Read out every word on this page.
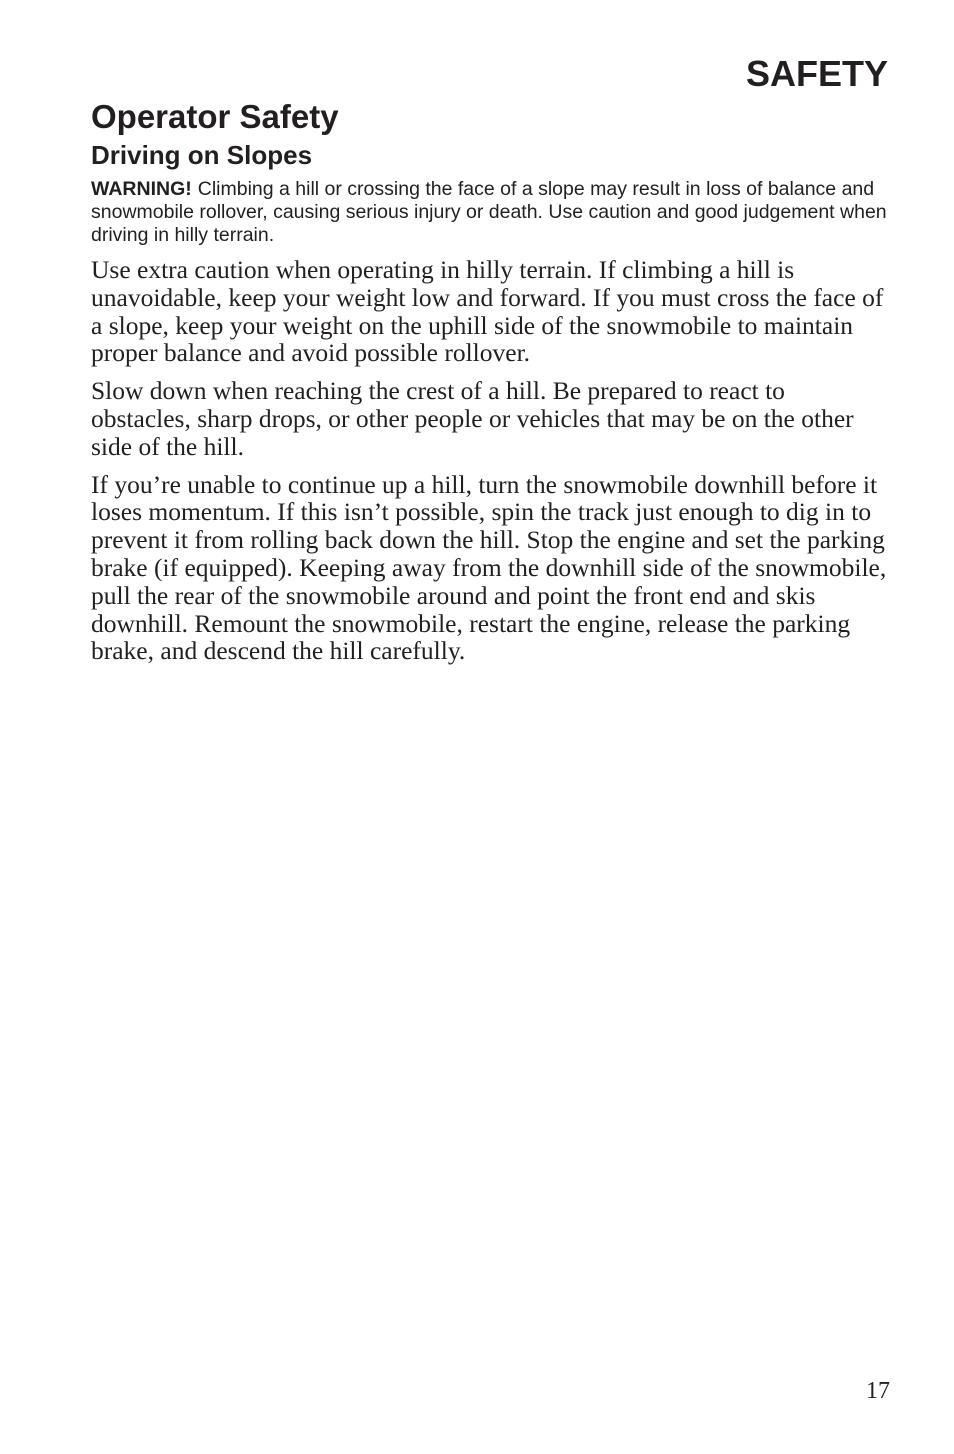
SAFETY
Operator Safety
Driving on Slopes

WARNING! Climbing a hill or crossing the face of a slope may result in loss of balance and snowmobile rollover, causing serious injury or death. Use caution and good judgement when driving in hilly terrain.

Use extra caution when operating in hilly terrain. If climbing a hill is unavoidable, keep your weight low and forward. If you must cross the face of a slope, keep your weight on the uphill side of the snowmobile to maintain proper balance and avoid possible rollover.

Slow down when reaching the crest of a hill. Be prepared to react to obstacles, sharp drops, or other people or vehicles that may be on the other side of the hill.

If you’re unable to continue up a hill, turn the snowmobile downhill before it loses momentum. If this isn’t possible, spin the track just enough to dig in to prevent it from rolling back down the hill. Stop the engine and set the parking brake (if equipped). Keeping away from the downhill side of the snowmobile, pull the rear of the snowmobile around and point the front end and skis downhill. Remount the snowmobile, restart the engine, release the parking brake, and descend the hill carefully.

17
